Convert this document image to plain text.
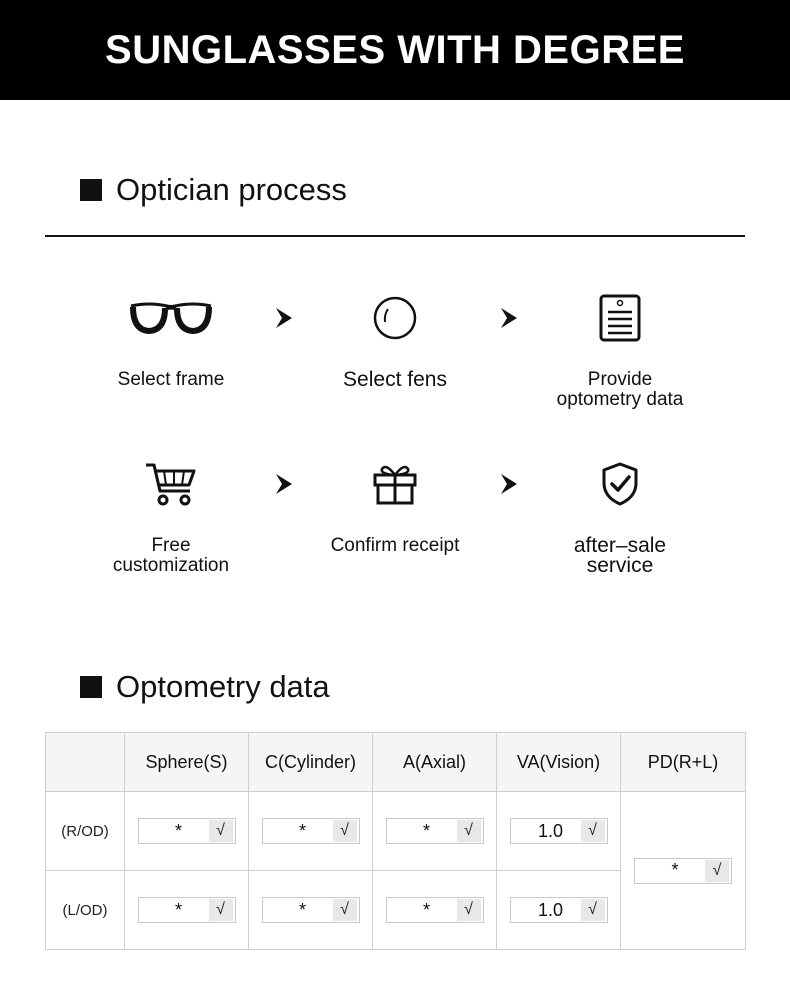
SUNGLASSES WITH DEGREE
Optician process
Select frame	Select fens	Provide
optometry data
Free
customization
Confirm receipt	after–sale
service
Optometry data
	Sphere(S)	C(Cylinder)	A(Axial)	VA(Vision)	PD(R+L)
(R/OD)	* √	* √	* √	1.0 √	* √

(L/OD)	* √	* √	* √	1.0 √	
